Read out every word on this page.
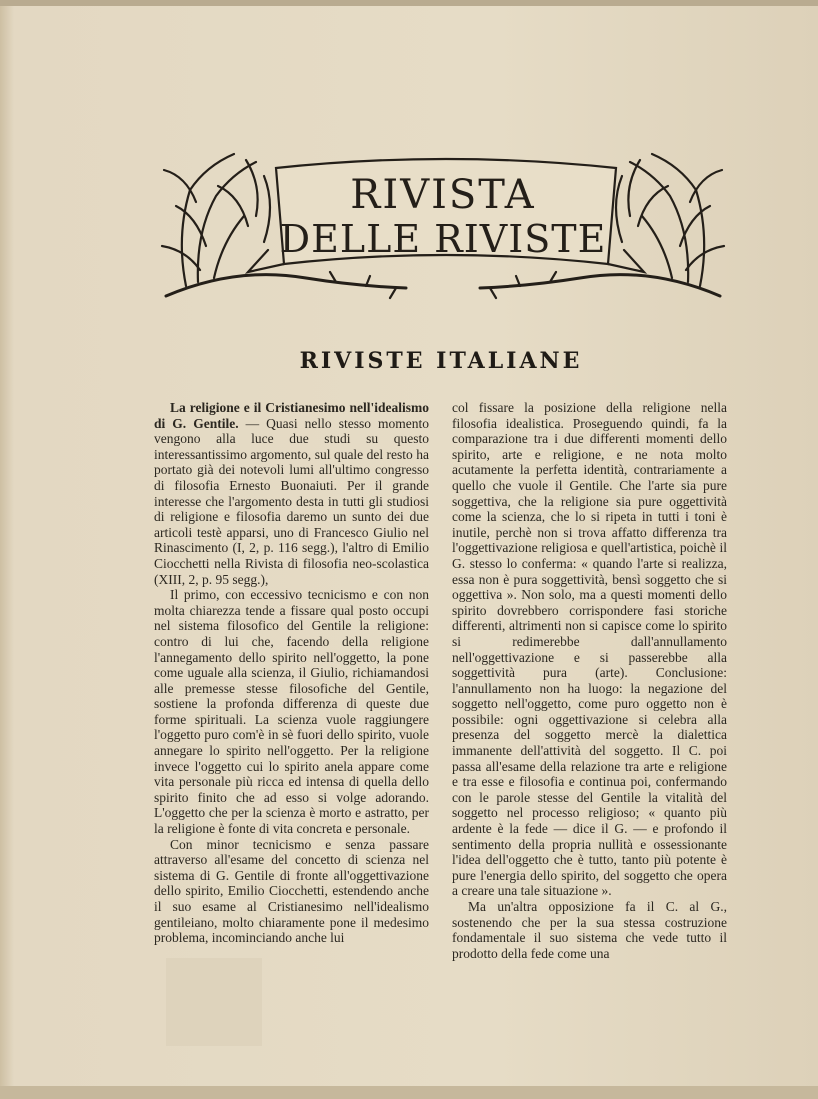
RIVISTA
DELLE RIVISTE
RIVISTE ITALIANE

La religione e il Cristianesimo nell'idealismo di G. Gentile. — Quasi nello stesso momento vengono alla luce due studi su questo interessantissimo argomento, sul quale del resto ha portato già dei notevoli lumi all'ultimo congresso di filosofia Ernesto Buonaiuti. Per il grande interesse che l'argomento desta in tutti gli studiosi di religione e filosofia daremo un sunto dei due articoli testè apparsi, uno di Francesco Giulio nel Rinascimento (I, 2, p. 116 segg.), l'altro di Emilio Ciocchetti nella Rivista di filosofia neo-scolastica (XIII, 2, p. 95 segg.),

Il primo, con eccessivo tecnicismo e con non molta chiarezza tende a fissare qual posto occupi nel sistema filosofico del Gentile la religione: contro di lui che, facendo della religione l'annegamento dello spirito nell'oggetto, la pone come uguale alla scienza, il Giulio, richiamandosi alle premesse stesse filosofiche del Gentile, sostiene la profonda differenza di queste due forme spirituali. La scienza vuole raggiungere l'oggetto puro com'è in sè fuori dello spirito, vuole annegare lo spirito nell'oggetto. Per la religione invece l'oggetto cui lo spirito anela appare come vita personale più ricca ed intensa di quella dello spirito finito che ad esso si volge adorando. L'oggetto che per la scienza è morto e astratto, per la religione è fonte di vita concreta e personale.

Con minor tecnicismo e senza passare attraverso all'esame del concetto di scienza nel sistema di G. Gentile di fronte all'oggettivazione dello spirito, Emilio Ciocchetti, estendendo anche il suo esame al Cristianesimo nell'idealismo gentileiano, molto chiaramente pone il medesimo problema, incominciando anche lui

col fissare la posizione della religione nella filosofia idealistica. Proseguendo quindi, fa la comparazione tra i due differenti momenti dello spirito, arte e religione, e ne nota molto acutamente la perfetta identità, contrariamente a quello che vuole il Gentile. Che l'arte sia pure soggettiva, che la religione sia pure oggettività come la scienza, che lo si ripeta in tutti i toni è inutile, perchè non si trova affatto differenza tra l'oggettivazione religiosa e quell'artistica, poichè il G. stesso lo conferma: « quando l'arte si realizza, essa non è pura soggettività, bensì soggetto che si oggettiva ». Non solo, ma a questi momenti dello spirito dovrebbero corrispondere fasi storiche differenti, altrimenti non si capisce come lo spirito si redimerebbe dall'annullamento nell'oggettivazione e si passerebbe alla soggettività pura (arte). Conclusione: l'annullamento non ha luogo: la negazione del soggetto nell'oggetto, come puro oggetto non è possibile: ogni oggettivazione si celebra alla presenza del soggetto mercè la dialettica immanente dell'attività del soggetto. Il C. poi passa all'esame della relazione tra arte e religione e tra esse e filosofia e continua poi, confermando con le parole stesse del Gentile la vitalità del soggetto nel processo religioso; « quanto più ardente è la fede — dice il G. — e profondo il sentimento della propria nullità e ossessionante l'idea dell'oggetto che è tutto, tanto più potente è pure l'energia dello spirito, del soggetto che opera a creare una tale situazione ».

Ma un'altra opposizione fa il C. al G., sostenendo che per la sua stessa costruzione fondamentale il suo sistema che vede tutto il prodotto della fede come una
